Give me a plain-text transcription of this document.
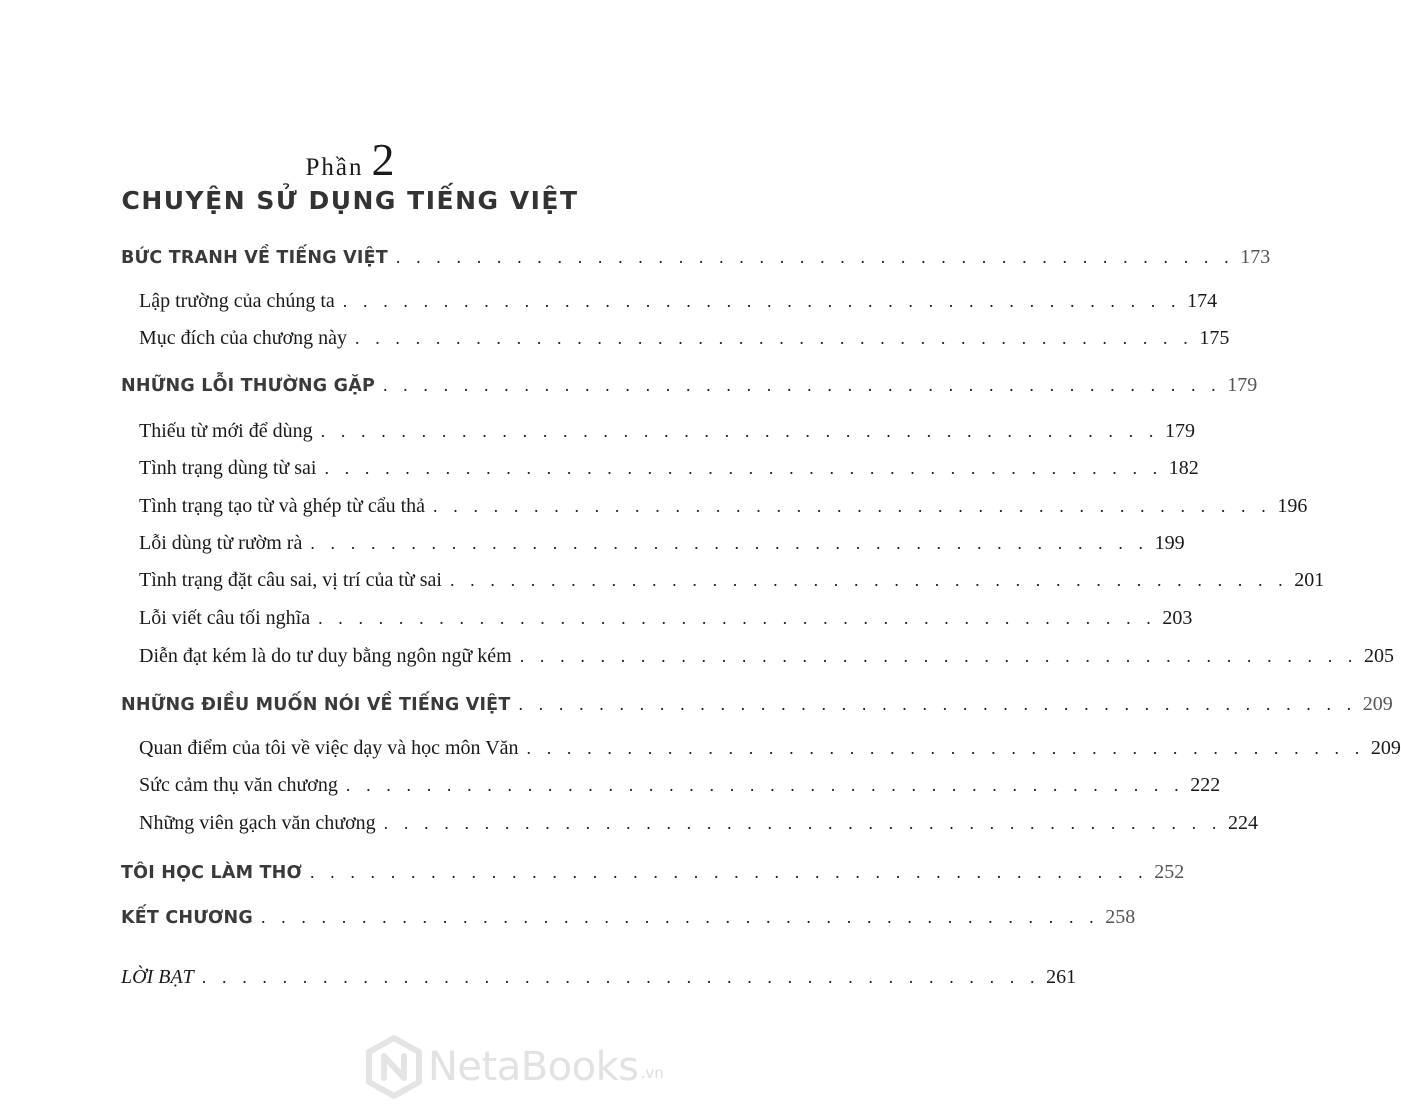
Phần 2
CHUYỆN SỬ DỤNG TIẾNG VIỆT
BỨC TRANH VỀ TIẾNG VIỆT . . . . . . . . . . . . . . . . . . . . . . . . . . . . . . . . . . . . . . . . . . 173
Lập trường của chúng ta . . . . . . . . . . . . . . . . . . . . . . . . . . . . . . . . . . . . . . . . . . 174
Mục đích của chương này . . . . . . . . . . . . . . . . . . . . . . . . . . . . . . . . . . . . . . . . . . 175
NHỮNG LỖI THƯỜNG GẶP . . . . . . . . . . . . . . . . . . . . . . . . . . . . . . . . . . . . . . . . . . 179
Thiếu từ mới để dùng . . . . . . . . . . . . . . . . . . . . . . . . . . . . . . . . . . . . . . . . . . 179
Tình trạng dùng từ sai . . . . . . . . . . . . . . . . . . . . . . . . . . . . . . . . . . . . . . . . . . 182
Tình trạng tạo từ và ghép từ cẩu thả . . . . . . . . . . . . . . . . . . . . . . . . . . . . . . . . . . . . . . . . . . 196
Lỗi dùng từ rườm rà . . . . . . . . . . . . . . . . . . . . . . . . . . . . . . . . . . . . . . . . . . 199
Tình trạng đặt câu sai, vị trí của từ sai . . . . . . . . . . . . . . . . . . . . . . . . . . . . . . . . . . . . . . . . . . 201
Lỗi viết câu tối nghĩa . . . . . . . . . . . . . . . . . . . . . . . . . . . . . . . . . . . . . . . . . . 203
Diễn đạt kém là do tư duy bằng ngôn ngữ kém . . . . . . . . . . . . . . . . . . . . . . . . . . . . . . . . . . . . . . . . . . 205
NHỮNG ĐIỀU MUỐN NÓI VỀ TIẾNG VIỆT . . . . . . . . . . . . . . . . . . . . . . . . . . . . . . . . . . . . . . . . . . 209
Quan điểm của tôi về việc dạy và học môn Văn . . . . . . . . . . . . . . . . . . . . . . . . . . . . . . . . . . . . . . . . . . 209
Sức cảm thụ văn chương . . . . . . . . . . . . . . . . . . . . . . . . . . . . . . . . . . . . . . . . . . 222
Những viên gạch văn chương . . . . . . . . . . . . . . . . . . . . . . . . . . . . . . . . . . . . . . . . . . 224
TÔI HỌC LÀM THƠ . . . . . . . . . . . . . . . . . . . . . . . . . . . . . . . . . . . . . . . . . . 252
KẾT CHƯƠNG . . . . . . . . . . . . . . . . . . . . . . . . . . . . . . . . . . . . . . . . . . 258
LỜI BẠT . . . . . . . . . . . . . . . . . . . . . . . . . . . . . . . . . . . . . . . . . . 261
NetaBooks .vn
